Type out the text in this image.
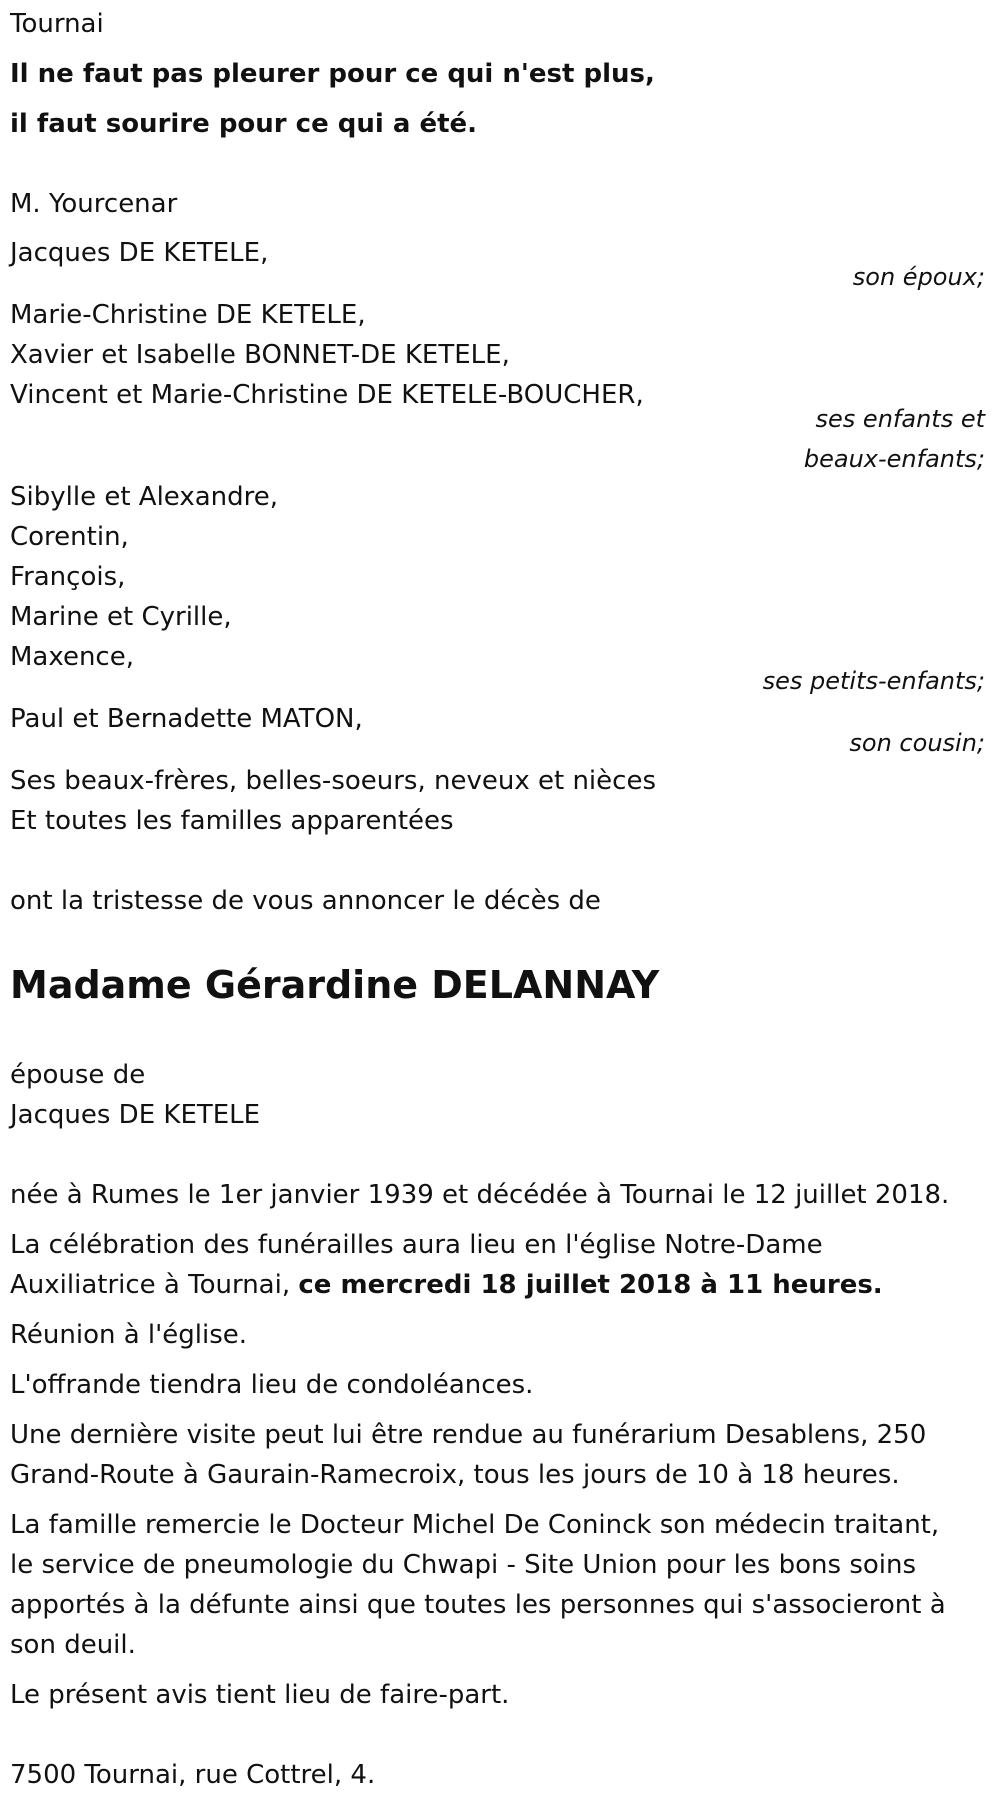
Tournai
Il ne faut pas pleurer pour ce qui n'est plus,
il faut sourire pour ce qui a été.
M. Yourcenar
Jacques DE KETELE,
son époux;
Marie-Christine DE KETELE,
Xavier et Isabelle BONNET-DE KETELE,
Vincent et Marie-Christine DE KETELE-BOUCHER,
ses enfants et
beaux-enfants;
Sibylle et Alexandre,
Corentin,
François,
Marine et Cyrille,
Maxence,
ses petits-enfants;
Paul et Bernadette MATON,
son cousin;
Ses beaux-frères, belles-soeurs, neveux et nièces
Et toutes les familles apparentées
ont la tristesse de vous annoncer le décès de
Madame Gérardine DELANNAY
épouse de
Jacques DE KETELE
née à Rumes le 1er janvier 1939 et décédée à Tournai le 12 juillet 2018.
La célébration des funérailles aura lieu en l'église Notre-Dame
Auxiliatrice à Tournai, ce mercredi 18 juillet 2018 à 11 heures.
Réunion à l'église.
L'offrande tiendra lieu de condoléances.
Une dernière visite peut lui être rendue au funérarium Desablens, 250
Grand-Route à Gaurain-Ramecroix, tous les jours de 10 à 18 heures.
La famille remercie le Docteur Michel De Coninck son médecin traitant,
le service de pneumologie du Chwapi - Site Union pour les bons soins
apportés à la défunte ainsi que toutes les personnes qui s'associeront à
son deuil.
Le présent avis tient lieu de faire-part.
7500 Tournai, rue Cottrel, 4.
